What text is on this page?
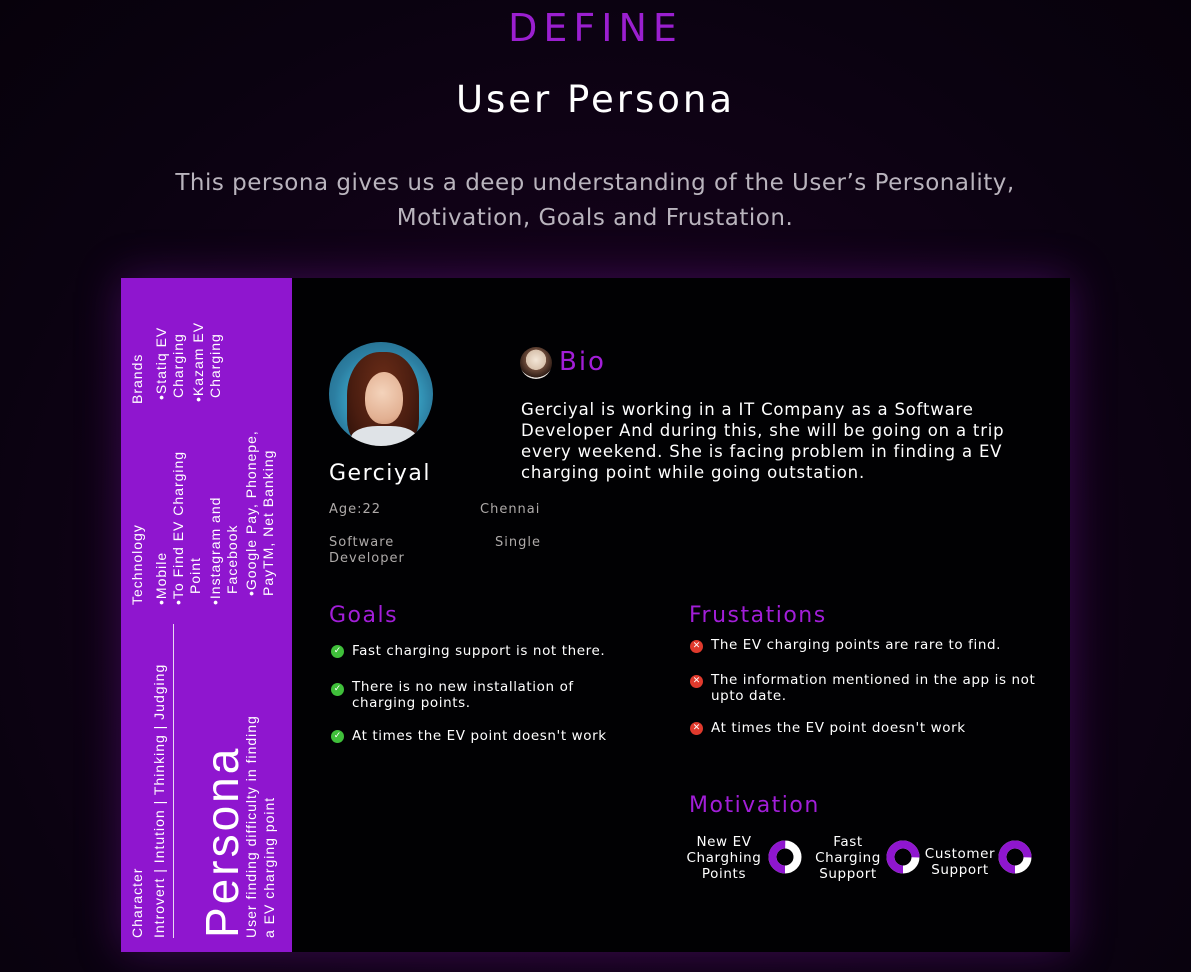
DEFINE
User Persona
This persona gives us a deep understanding of the User’s Personality, Motivation, Goals and Frustation.
Brands •Statiq EV Charging •Kazam EV Charging
Technology •Mobile •To Find EV Charging Point •Instagram and Facebook •Google Pay, Phonepe, PayTM, Net Banking
Character Introvert | Intution | Thinking | Judging Persona
User finding difficulty in finding a EV charging point
Gerciyal
Age:22	Chennai
Software
Developer
Single
Bio
Gerciyal is working in a IT Company as a Software Developer And during this, she will be going on a trip every weekend. She is facing problem in finding a EV charging point while going outstation.
Goals
✓ Fast charging support is not there.
✓ There is no new installation of charging points.
✓ At times the EV point doesn't work
Frustations
✕ The EV charging points are rare to find.
✕ The information mentioned in the app is not upto date.
✕ At times the EV point doesn't work
Motivation
New EV Charghing Points
Fast Charging Support
Customer Support
